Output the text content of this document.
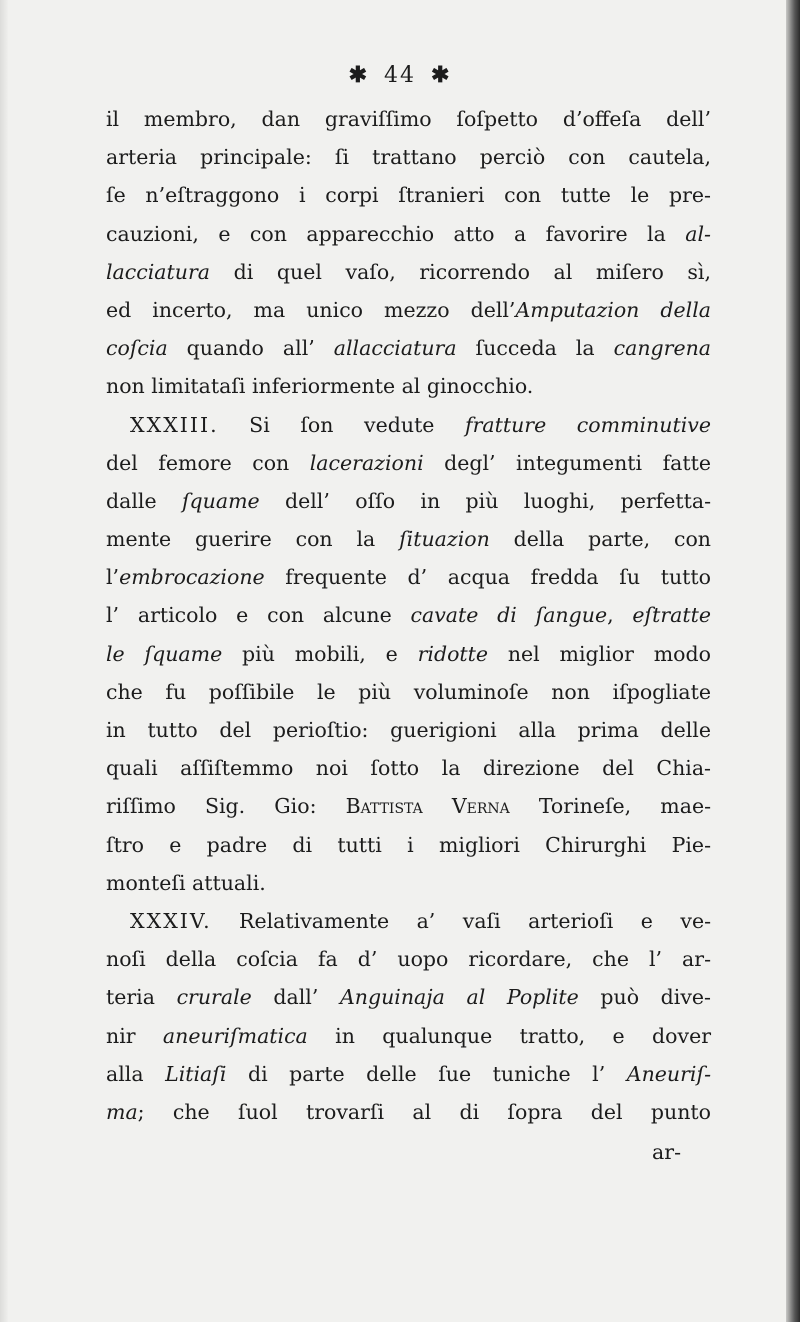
✱ 44 ✱
il membro, dan graviſſimo ſoſpetto d’offeſa dell’
arteria principale: ſi trattano perciò con cautela,
ſe n’eſtraggono i corpi ſtranieri con tutte le pre-
cauzioni, e con apparecchio atto a favorire la al-
lacciatura di quel vaſo, ricorrendo al miſero sì,
ed incerto, ma unico mezzo dell’Amputazion della
coſcia quando all’ allacciatura ſucceda la cangrena
non limitataſi inferiormente al ginocchio.
XXXIII. Si ſon vedute fratture comminutive
del femore con lacerazioni degl’ integumenti fatte
dalle ſquame dell’ oſſo in più luoghi, perfetta-
mente guerire con la ſituazion della parte, con
l’embrocazione frequente d’ acqua fredda ſu tutto
l’ articolo e con alcune cavate di ſangue, eſtratte
le ſquame più mobili, e ridotte nel miglior modo
che fu poſſibile le più voluminoſe non iſpogliate
in tutto del perioſtio: guerigioni alla prima delle
quali aſſiſtemmo noi ſotto la direzione del Chia-
riſſimo Sig. Gio: Battista Verna Torineſe, mae-
ſtro e padre di tutti i migliori Chirurghi Pie-
monteſi attuali.
XXXIV. Relativamente a’ vaſi arterioſi e ve-
noſi della coſcia fa d’ uopo ricordare, che l’ ar-
teria crurale dall’ Anguinaja al Poplite può dive-
nir aneuriſmatica in qualunque tratto, e dover
alla Litiaſi di parte delle ſue tuniche l’ Aneuriſ-
ma; che ſuol trovarſi al di ſopra del punto
ar-
